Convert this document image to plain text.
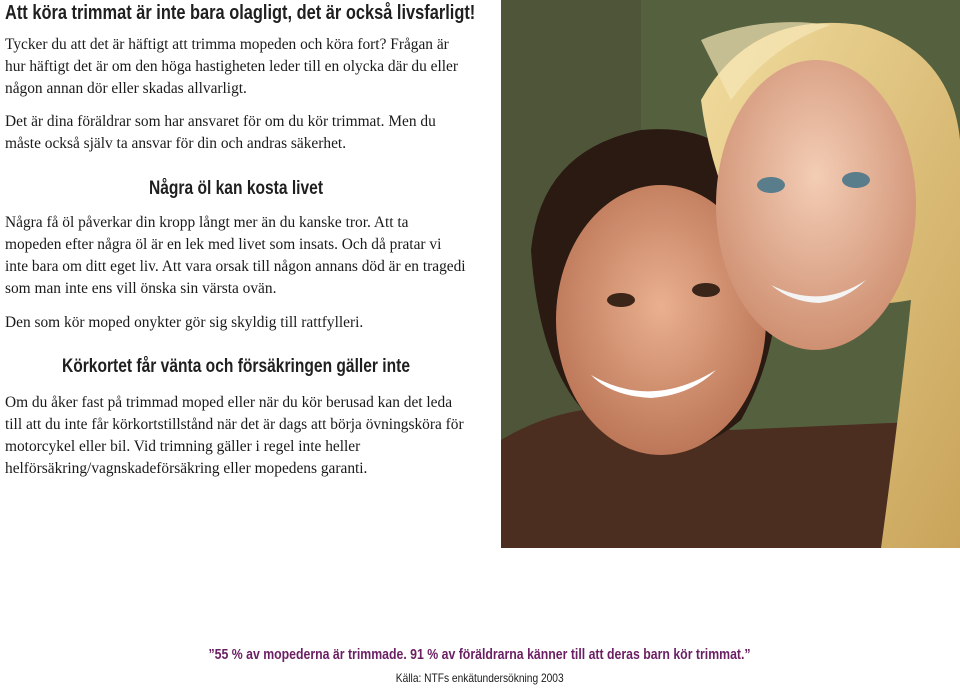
Att köra trimmat är inte bara olagligt, det är också livsfarligt!

Tycker du att det är häftigt att trimma mopeden och köra fort? Frågan är hur häftigt det är om den höga hastigheten leder till en olycka där du eller någon annan dör eller skadas allvarligt.

Det är dina föräldrar som har ansvaret för om du kör trimmat. Men du måste också själv ta ansvar för din och andras säkerhet.

Några öl kan kosta livet

Några få öl påverkar din kropp långt mer än du kanske tror. Att ta mopeden efter några öl är en lek med livet som insats. Och då pratar vi inte bara om ditt eget liv. Att vara orsak till någon annans död är en tragedi som man inte ens vill önska sin värsta ovän.

Den som kör moped onykter gör sig skyldig till rattfylleri.

Körkortet får vänta och försäkringen gäller inte

Om du åker fast på trimmad moped eller när du kör berusad kan det leda till att du inte får körkortstillstånd när det är dags att börja övningsköra för motorcykel eller bil. Vid trimning gäller i regel inte heller helförsäkring/vagnskadeförsäkring eller mopedens garanti.

”55 % av mopederna är trimmade. 91 % av föräldrarna känner till att deras barn kör trimmat.”
Källa: NTFs enkätundersökning 2003
